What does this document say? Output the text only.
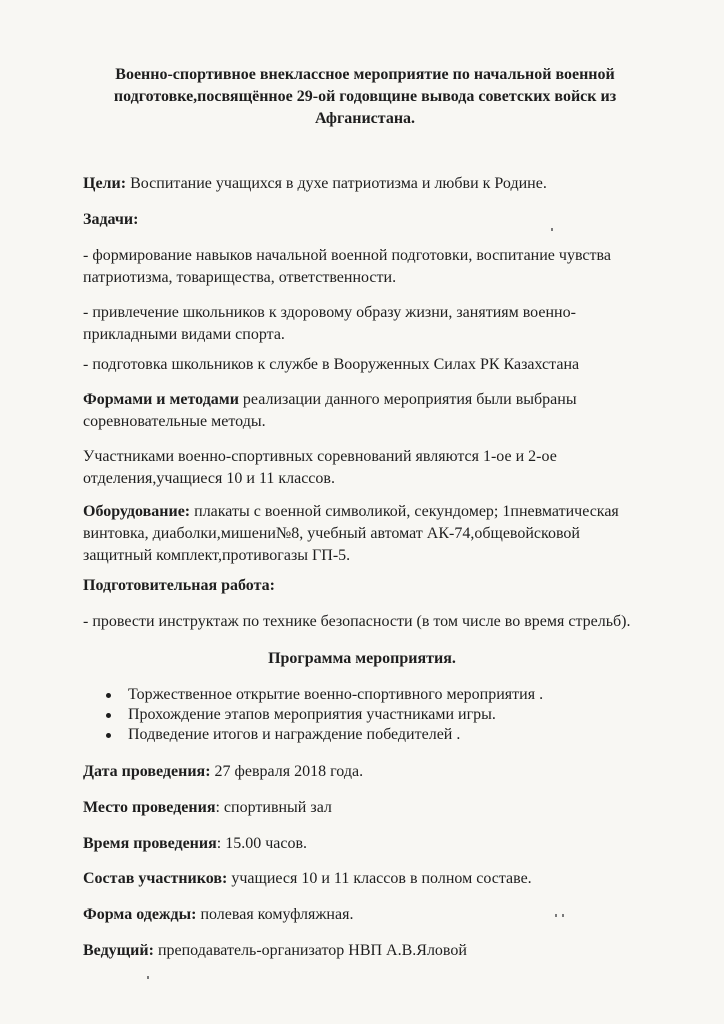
Военно-спортивное внеклассное мероприятие по начальной военной
подготовке,посвящённое 29-ой годовщине вывода советских войск из
Афганистана.
Цели: Воспитание учащихся в духе патриотизма и любви к Родине.
Задачи:
- формирование навыков начальной военной подготовки, воспитание чувства
патриотизма, товарищества, ответственности.
- привлечение школьников к здоровому образу жизни, занятиям военно-
прикладными видами спорта.
- подготовка школьников к службе в Вооруженных Силах РК Казахстана
Формами и методами реализации данного мероприятия были выбраны
соревновательные методы.
Участниками военно-спортивных соревнований являются 1-ое и 2-ое
отделения,учащиеся 10 и 11 классов.
Оборудование: плакаты с военной символикой, секундомер; 1пневматическая
винтовка, диаболки,мишени№8, учебный автомат АК-74,общевойсковой
защитный комплект,противогазы ГП-5.
Подготовительная работа:
- провести инструктаж по технике безопасности (в том числе во время стрельб).
Программа мероприятия.
Торжественное открытие военно-спортивного мероприятия .
Прохождение этапов мероприятия участниками игры.
Подведение итогов и награждение победителей .
Дата проведения: 27 февраля 2018 года.
Место проведения: спортивный зал
Время проведения: 15.00 часов.
Состав участников: учащиеся 10 и 11 классов в полном составе.
Форма одежды: полевая комуфляжная.
Ведущий: преподаватель-организатор НВП А.В.Яловой
